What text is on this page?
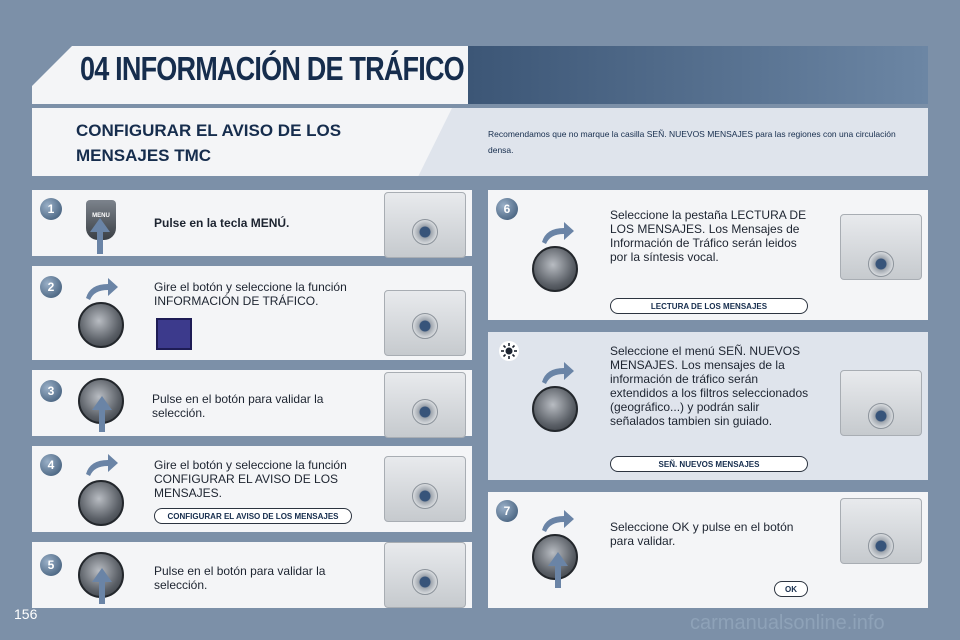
04 INFORMACIÓN DE TRÁFICO
CONFIGURAR EL AVISO DE LOS MENSAJES TMC
Recomendamos que no marque la casilla SEÑ. NUEVOS MENSAJES para las regiones con una circulación densa.
1	MENU	Pulse en la tecla MENÚ.
2	Gire el botón y seleccione la función INFORMACIÓN DE TRÁFICO.
3
Pulse en el botón para validar la selección.
4	Gire el botón y seleccione la función CONFIGURAR EL AVISO DE LOS MENSAJES.
CONFIGURAR EL AVISO DE LOS MENSAJES
5	Pulse en el botón para validar la selección.
6	Seleccione la pestaña LECTURA DE LOS MENSAJES. Los Mensajes de Información de Tráfico serán leidos por la síntesis vocal.
LECTURA DE LOS MENSAJES
Seleccione el menú SEÑ. NUEVOS MENSAJES. Los mensajes de la información de tráfico serán extendidos a los filtros seleccionados (geográfico...) y podrán salir señalados tambien sin guiado.
SEÑ. NUEVOS MENSAJES
7
Seleccione OK y pulse en el botón para validar.
OK
156	carmanualsonline.info
